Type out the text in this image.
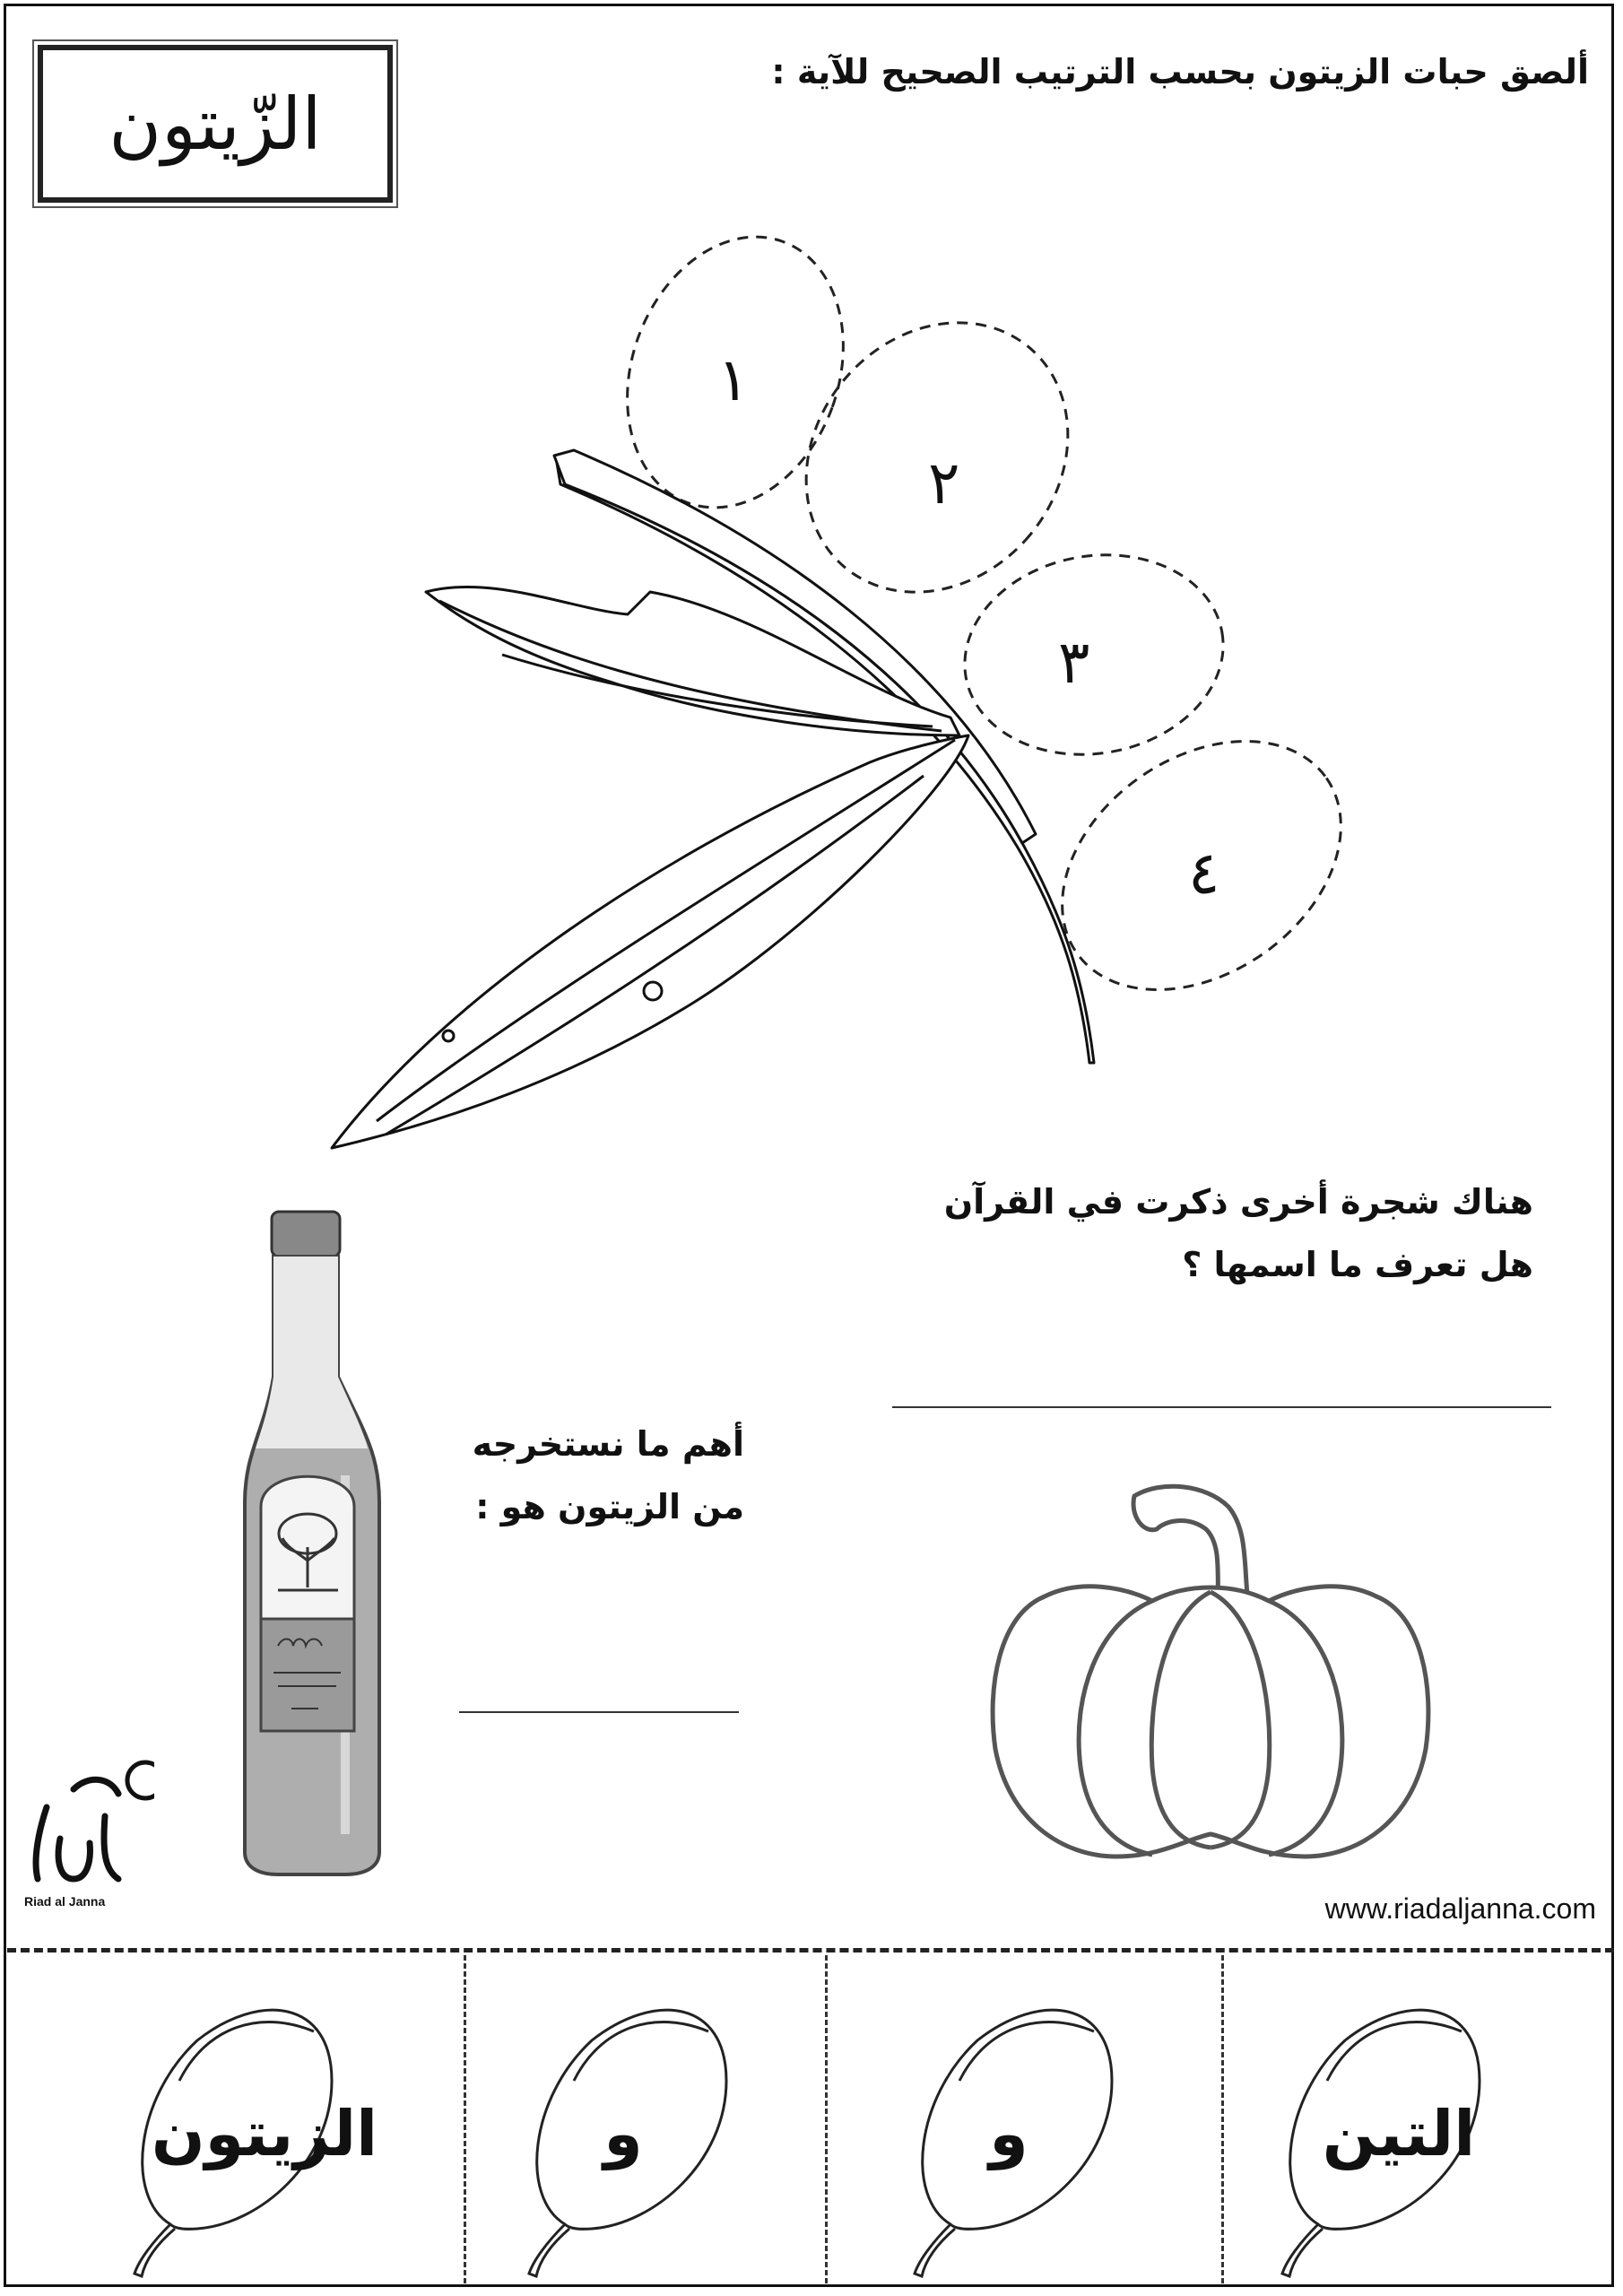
الزّيتون
ألصق حبات الزيتون بحسب الترتيب الصحيح للآية :
١
٢
٣
٤
هناك شجرة أخرى ذكرت في القرآن
هل تعرف ما اسمها ؟
أهم ما نستخرجه
من الزيتون هو :
Riad al Janna	www.riadaljanna.com
الزيتون	و	و	التين
